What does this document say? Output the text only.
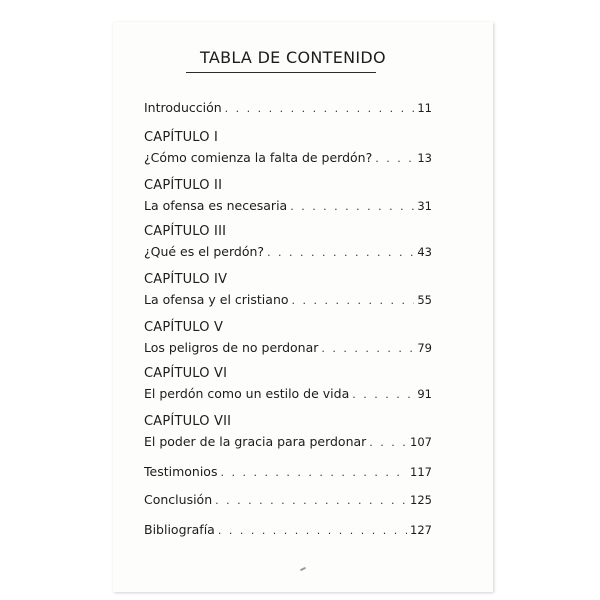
TABLA DE CONTENIDO
Introducción . . .	11
CAPÍTULO I
¿Cómo comienza la falta de perdón? . . .	13
CAPÍTULO II
La ofensa es necesaria . . .	31
CAPÍTULO III
¿Qué es el perdón? . . .	43
CAPÍTULO IV
La ofensa y el cristiano . . .	55
CAPÍTULO V
Los peligros de no perdonar . . .	79
CAPÍTULO VI
El perdón como un estilo de vida . . .	91
CAPÍTULO VII
El poder de la gracia para perdonar . . .	107
Testimonios . . .	117
Conclusión . . .	125
Bibliografía . . .	127
